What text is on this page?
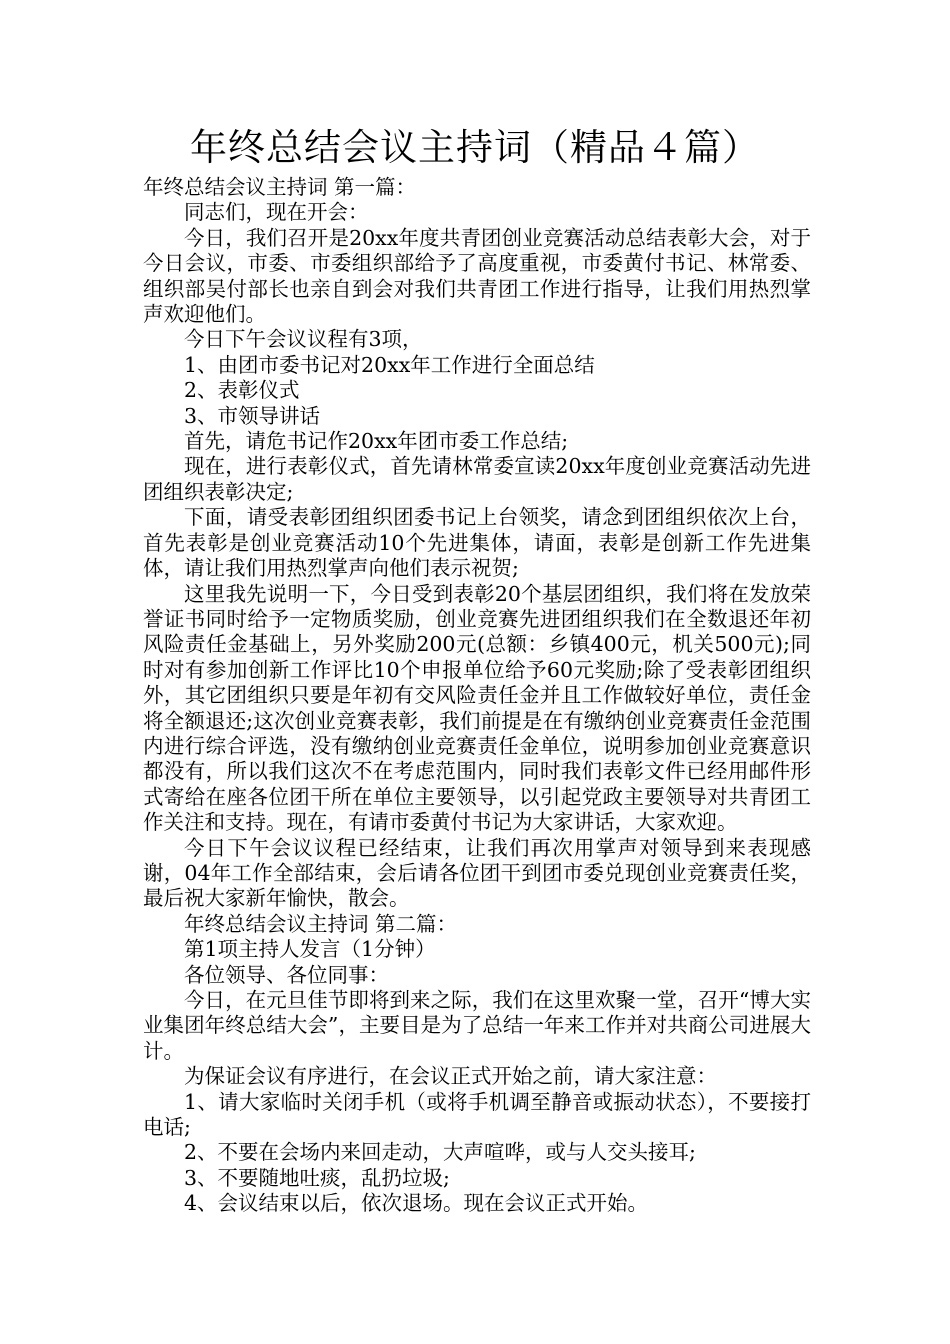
年终总结会议主持词（精品４篇）

年终总结会议主持词 第一篇：

同志们，现在开会：

今日，我们召开是20xx年度共青团创业竞赛活动总结表彰大会，对于今日会议，市委、市委组织部给予了高度重视，市委黄付书记、林常委、组织部吴付部长也亲自到会对我们共青团工作进行指导，让我们用热烈掌声欢迎他们。

今日下午会议议程有3项，

1、由团市委书记对20xx年工作进行全面总结

2、表彰仪式

3、市领导讲话

首先，请危书记作20xx年团市委工作总结;

现在，进行表彰仪式，首先请林常委宣读20xx年度创业竞赛活动先进团组织表彰决定;

下面，请受表彰团组织团委书记上台领奖，请念到团组织依次上台，首先表彰是创业竞赛活动10个先进集体，请面，表彰是创新工作先进集体，请让我们用热烈掌声向他们表示祝贺;

这里我先说明一下，今日受到表彰20个基层团组织，我们将在发放荣誉证书同时给予一定物质奖励，创业竞赛先进团组织我们在全数退还年初风险责任金基础上，另外奖励200元(总额：乡镇400元，机关500元);同时对有参加创新工作评比10个申报单位给予60元奖励;除了受表彰团组织外，其它团组织只要是年初有交风险责任金并且工作做较好单位，责任金将全额退还;这次创业竞赛表彰，我们前提是在有缴纳创业竞赛责任金范围内进行综合评选，没有缴纳创业竞赛责任金单位，说明参加创业竞赛意识都没有，所以我们这次不在考虑范围内，同时我们表彰文件已经用邮件形式寄给在座各位团干所在单位主要领导，以引起党政主要领导对共青团工作关注和支持。现在，有请市委黄付书记为大家讲话，大家欢迎。

今日下午会议议程已经结束，让我们再次用掌声对领导到来表现感谢，04年工作全部结束，会后请各位团干到团市委兑现创业竞赛责任奖，最后祝大家新年愉快，散会。

年终总结会议主持词 第二篇：

第1项主持人发言（1分钟）

各位领导、各位同事：

今日，在元旦佳节即将到来之际，我们在这里欢聚一堂，召开“博大实业集团年终总结大会”，主要目是为了总结一年来工作并对共商公司进展大计。

为保证会议有序进行，在会议正式开始之前，请大家注意：

1、请大家临时关闭手机（或将手机调至静音或振动状态），不要接打电话;

2、不要在会场内来回走动，大声喧哗，或与人交头接耳;

3、不要随地吐痰，乱扔垃圾;

4、会议结束以后，依次退场。现在会议正式开始。
